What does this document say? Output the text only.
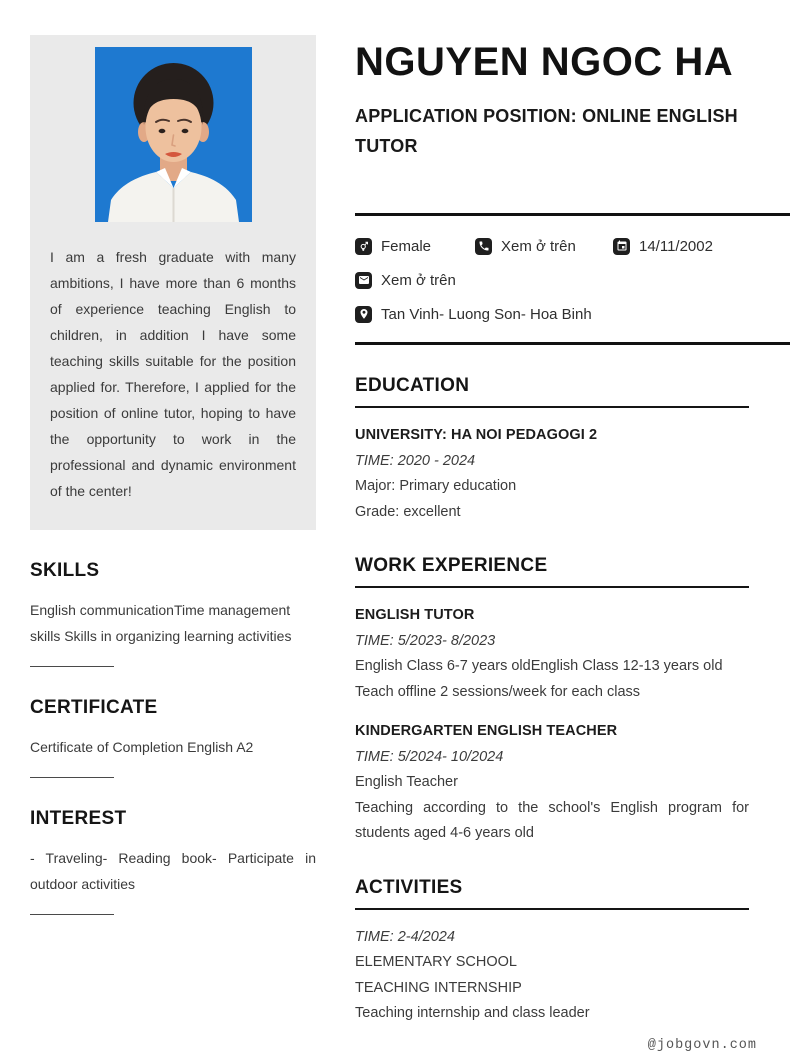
I am a fresh graduate with many ambitions, I have more than 6 months of experience teaching English to children, in addition I have some teaching skills suitable for the position applied for. Therefore, I applied for the position of online tutor, hoping to have the opportunity to work in the professional and dynamic environment of the center!

SKILLS

English communicationTime management skills Skills in organizing learning activities

CERTIFICATE

Certificate of Completion English A2

INTEREST

- Traveling- Reading book- Participate in outdoor activities

NGUYEN NGOC HA
APPLICATION POSITION: ONLINE ENGLISH TUTOR
Female	Xem ở trên	14/11/2002
Xem ở trên
Tan Vinh- Luong Son- Hoa Binh
EDUCATION
UNIVERSITY: HA NOI PEDAGOGI 2
TIME: 2020 - 2024
Major: Primary education
Grade: excellent
WORK EXPERIENCE
ENGLISH TUTOR
TIME: 5/2023- 8/2023
English Class 6-7 years oldEnglish Class 12-13 years old
Teach offline 2 sessions/week for each class
KINDERGARTEN ENGLISH TEACHER
TIME: 5/2024- 10/2024
English Teacher
Teaching according to the school's English program for students aged 4-6 years old
ACTIVITIES
TIME: 2-4/2024
ELEMENTARY SCHOOL
TEACHING INTERNSHIP
Teaching internship and class leader
@jobgovn.com
